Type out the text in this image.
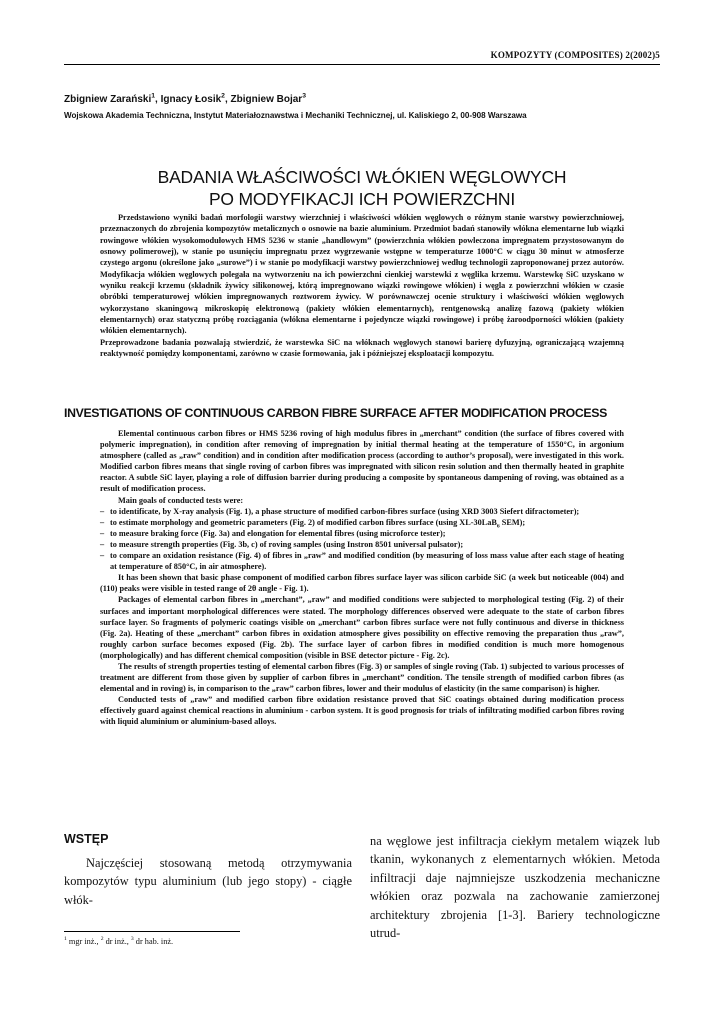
KOMPOZYTY (COMPOSITES) 2(2002)5
Zbigniew Zarański$^1$, Ignacy Łosik$^2$, Zbigniew Bojar$^3$
Wojskowa Akademia Techniczna, Instytut Materiałoznawstwa i Mechaniki Technicznej, ul. Kaliskiego 2, 00-908 Warszawa
BADANIA WŁAŚCIWOŚCI WŁÓKIEN WĘGLOWYCH
PO MODYFIKACJI ICH POWIERZCHNI

Przedstawiono wyniki badań morfologii warstwy wierzchniej i właściwości włókien węglowych o różnym stanie warstwy powierzchniowej, przeznaczonych do zbrojenia kompozytów metalicznych o osnowie na bazie aluminium. Przedmiot badań stanowiły włókna elementarne lub wiązki rowingowe włókien wysokomodułowych HMS 5236 w stanie „handlowym” (powierzchnia włókien powleczona impregnatem przystosowanym do osnowy polimerowej), w stanie po usunięciu impregnatu przez wygrzewanie wstępne w temperaturze 1000°C w ciągu 30 minut w atmosferze czystego argonu (określone jako „surowe”) i w stanie po modyfikacji warstwy powierzchniowej według technologii zaproponowanej przez autorów. Modyfikacja włókien węglowych polegała na wytworzeniu na ich powierzchni cienkiej warstewki z węglika krzemu. Warstewkę SiC uzyskano w wyniku reakcji krzemu (składnik żywicy silikonowej, którą impregnowano wiązki rowingowe włókien) i węgla z powierzchni włókien w czasie obróbki temperaturowej włókien impregnowanych roztworem żywicy. W porównawczej ocenie struktury i właściwości włókien węglowych wykorzystano skaningową mikroskopię elektronową (pakiety włókien elementarnych), rentgenowską analizę fazową (pakiety włókien elementarnych) oraz statyczną próbę rozciągania (włókna elementarne i pojedyncze wiązki rowingowe) i próbę żaroodporności włókien (pakiety włókien elementarnych).

Przeprowadzone badania pozwalają stwierdzić, że warstewka SiC na włóknach węglowych stanowi barierę dyfuzyjną, ograniczającą wzajemną reaktywność pomiędzy komponentami, zarówno w czasie formowania, jak i późniejszej eksploatacji kompozytu.

INVESTIGATIONS OF CONTINUOUS CARBON FIBRE SURFACE AFTER MODIFICATION PROCESS

Elemental continuous carbon fibres or HMS 5236 roving of high modulus fibres in „merchant” condition (the surface of fibres covered with polymeric impregnation), in condition after removing of impregnation by initial thermal heating at the temperature of 1550°C, in argonium atmosphere (called as „raw” condition) and in condition after modification process (according to author’s proposal), were investigated in this work. Modified carbon fibres means that single roving of carbon fibres was impregnated with silicon resin solution and then thermally heated in graphite reactor. A subtle SiC layer, playing a role of diffusion barrier during producing a composite by spontaneous dampening of roving, was obtained as a result of modification process.

Main goals of conducted tests were:

– to identificate, by X-ray analysis (Fig. 1), a phase structure of modified carbon-fibres surface (using XRD 3003 Siefert difractometer);
– to estimate morphology and geometric parameters (Fig. 2) of modified carbon fibres surface (using XL-30LaB$_6$ SEM);
– to measure braking force (Fig. 3a) and elongation for elemental fibres (using microforce tester);
– to measure strength properties (Fig. 3b, c) of roving samples (using Instron 8501 universal pulsator);
– to compare an oxidation resistance (Fig. 4) of fibres in „raw” and modified condition (by measuring of loss mass value after each stage of heating at temperature of 850°C, in air atmosphere).

It has been shown that basic phase component of modified carbon fibres surface layer was silicon carbide SiC (a week but noticeable (004) and (110) peaks were visible in tested range of 2θ angle - Fig. 1).

Packages of elemental carbon fibres in „merchant”, „raw” and modified conditions were subjected to morphological testing (Fig. 2) of their surfaces and important morphological differences were stated. The morphology differences observed were adequate to the state of carbon fibres surface layer. So fragments of polymeric coatings visible on „merchant” carbon fibres surface were not fully continuous and diverse in thickness (Fig. 2a). Heating of these „merchant” carbon fibres in oxidation atmosphere gives possibility on effective removing the preparation thus „raw”, roughly carbon surface becomes exposed (Fig. 2b). The surface layer of carbon fibres in modified condition is much more homogenous (morphologically) and has different chemical composition (visible in BSE detector picture - Fig. 2c).

The results of strength properties testing of elemental carbon fibres (Fig. 3) or samples of single roving (Tab. 1) subjected to various processes of treatment are different from those given by supplier of carbon fibres in „merchant” condition. The tensile strength of modified carbon fibres (as elemental and in roving) is, in comparison to the „raw” carbon fibres, lower and their modulus of elasticity (in the same comparison) is higher.

Conducted tests of „raw” and modified carbon fibre oxidation resistance proved that SiC coatings obtained during modification process effectively guard against chemical reactions in aluminium - carbon system. It is good prognosis for trials of infiltrating modified carbon fibres roving with liquid aluminium or aluminium-based alloys.

WSTĘP

Najczęściej stosowaną metodą otrzymywania kompozytów typu aluminium (lub jego stopy) - ciągłe włók-

na węglowe jest infiltracja ciekłym metalem wiązek lub tkanin, wykonanych z elementarnych włókien. Metoda infiltracji daje najmniejsze uszkodzenia mechaniczne włókien oraz pozwala na zachowanie zamierzonej architektury zbrojenia [1-3]. Bariery technologiczne utrud-

$^1$ mgr inż., $^2$ dr inż., $^3$ dr hab. inż.
